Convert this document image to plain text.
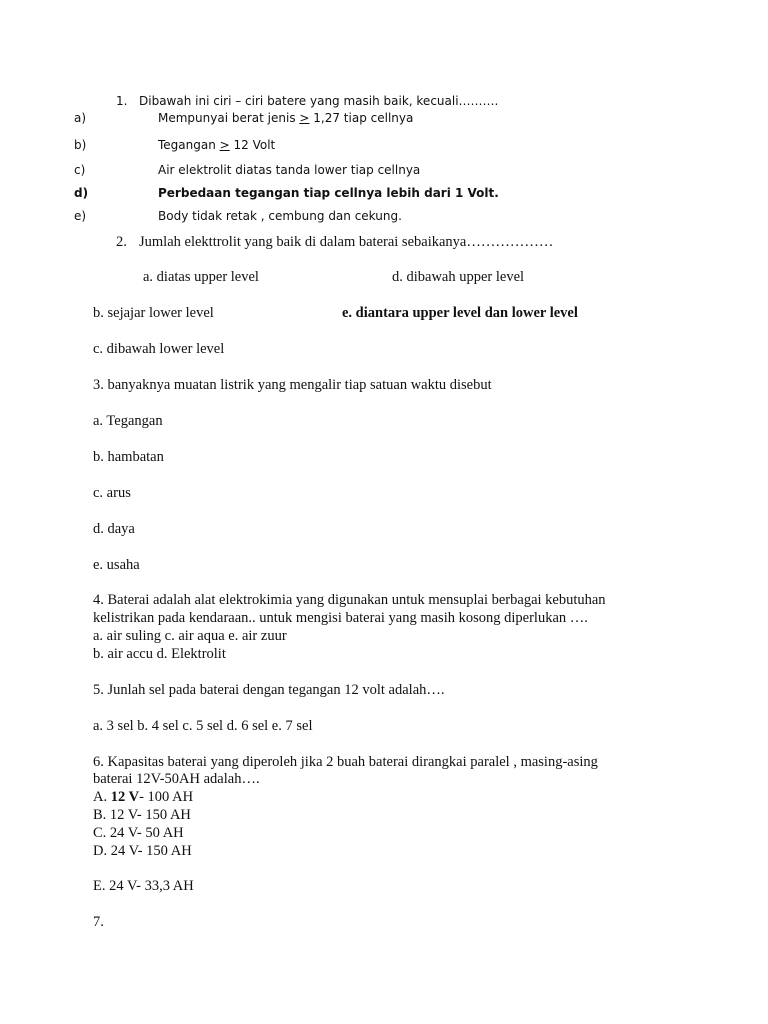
1. Dibawah ini ciri – ciri batere yang masih baik, kecuali……….
a)	Mempunyai berat jenis > 1,27 tiap cellnya
b)	Tegangan > 12 Volt
c)	Air elektrolit diatas tanda lower tiap cellnya
d)	Perbedaan tegangan tiap cellnya lebih dari 1 Volt.
e)	Body tidak retak , cembung dan cekung.
2. Jumlah elekttrolit yang baik di dalam baterai sebaikanya………………
a. diatas upper level	d. dibawah upper level
b. sejajar lower level	e. diantara upper level dan lower level
c. dibawah lower level
3. banyaknya muatan listrik yang mengalir tiap satuan waktu disebut
a. Tegangan
b. hambatan
c. arus
d. daya
e. usaha
4. Baterai adalah alat elektrokimia yang digunakan untuk mensuplai berbagai kebutuhan
kelistrikan pada kendaraan.. untuk mengisi baterai yang masih kosong diperlukan ….
a. air suling c. air aqua e. air zuur
b. air accu d. Elektrolit
5. Junlah sel pada baterai dengan tegangan 12 volt adalah….
a. 3 sel b. 4 sel c. 5 sel d. 6 sel e. 7 sel
6. Kapasitas baterai yang diperoleh jika 2 buah baterai dirangkai paralel , masing-asing
baterai 12V-50AH adalah….
A. 12 V- 100 AH
B. 12 V- 150 AH
C. 24 V- 50 AH
D. 24 V- 150 AH
E. 24 V- 33,3 AH
7.
